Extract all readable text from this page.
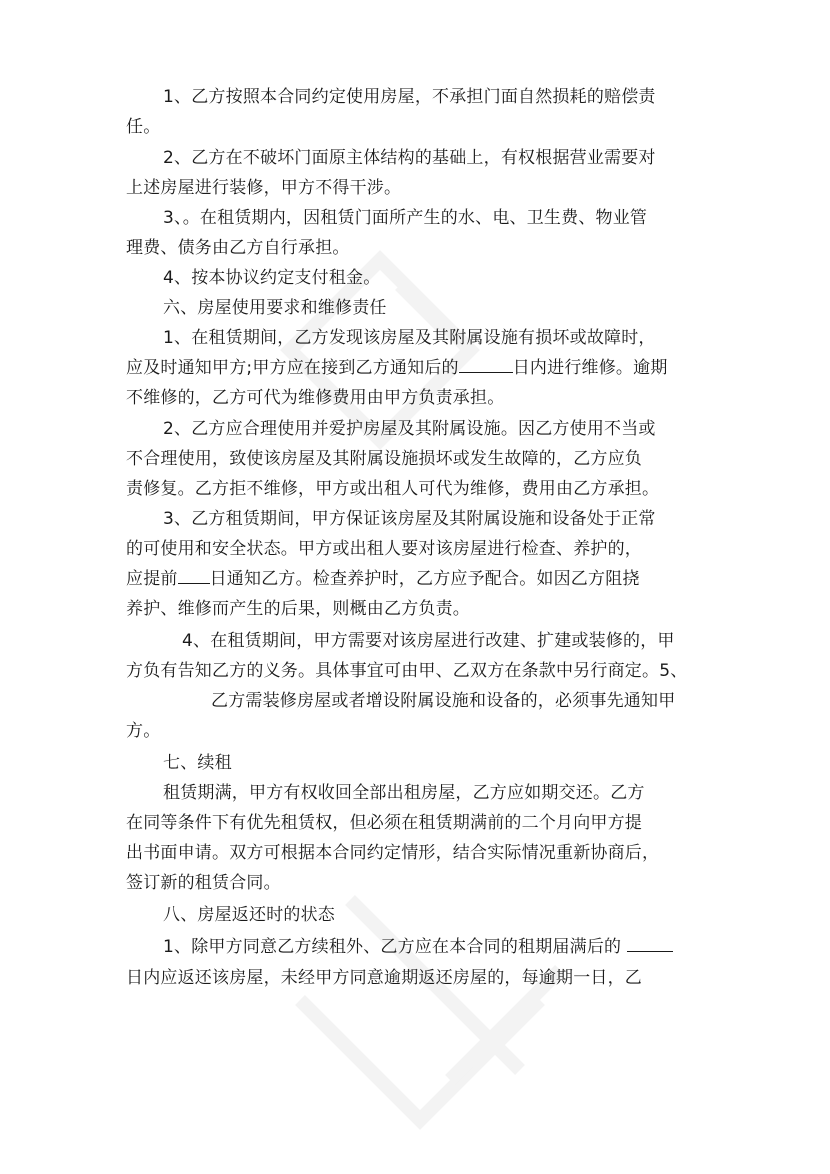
1、乙方按照本合同约定使用房屋，不承担门面自然损耗的赔偿责
任。
2、乙方在不破坏门面原主体结构的基础上，有权根据营业需要对
上述房屋进行装修，甲方不得干涉。
3、。在租赁期内，因租赁门面所产生的水、电、卫生费、物业管
理费、债务由乙方自行承担。
4、按本协议约定支付租金。
六、房屋使用要求和维修责任
1、在租赁期间，乙方发现该房屋及其附属设施有损坏或故障时，
应及时通知甲方;甲方应在接到乙方通知后的	日内进行维修。逾期
不维修的，乙方可代为维修费用由甲方负责承担。
2、乙方应合理使用并爱护房屋及其附属设施。因乙方使用不当或
不合理使用，致使该房屋及其附属设施损坏或发生故障的，乙方应负
责修复。乙方拒不维修，甲方或出租人可代为维修，费用由乙方承担。
3、乙方租赁期间，甲方保证该房屋及其附属设施和设备处于正常
的可使用和安全状态。甲方或出租人要对该房屋进行检查、养护的，
应提前 日通知乙方。检查养护时，乙方应予配合。如因乙方阻挠
养护、维修而产生的后果，则概由乙方负责。
4、在租赁期间，甲方需要对该房屋进行改建、扩建或装修的，甲
方负有告知乙方的义务。具体事宜可由甲、乙双方在条款中另行商定。5、
乙方需装修房屋或者增设附属设施和设备的，必须事先通知甲
方。
七、续租
租赁期满，甲方有权收回全部出租房屋，乙方应如期交还。乙方
在同等条件下有优先租赁权，但必须在租赁期满前的二个月向甲方提
出书面申请。双方可根据本合同约定情形，结合实际情况重新协商后，
签订新的租赁合同。
八、房屋返还时的状态
1、除甲方同意乙方续租外、乙方应在本合同的租期届满后的
日内应返还该房屋，未经甲方同意逾期返还房屋的，每逾期一日，乙
